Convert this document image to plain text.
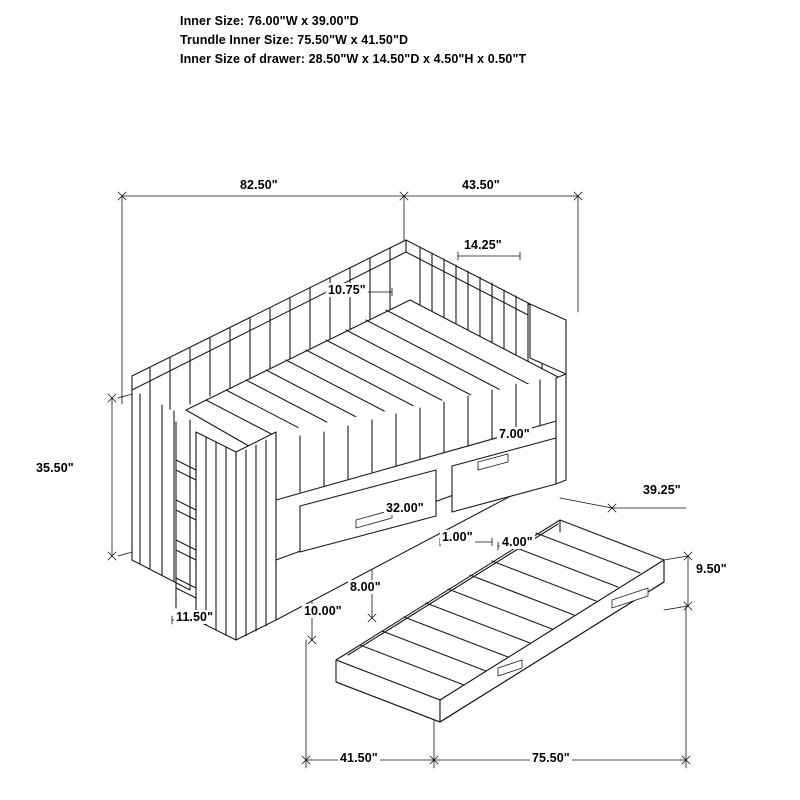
Inner Size: 76.00"W x 39.00"D
Trundle Inner Size: 75.50"W x 41.50"D
Inner Size of drawer: 28.50"W x 14.50"D x 4.50"H x 0.50"T
82.50"	43.50"
14.25"
10.75"
35.50"
7.00"
32.00"
39.25"
1.00" 4.00"
9.50"
11.50"
8.00"
10.00"
41.50"	75.50"
